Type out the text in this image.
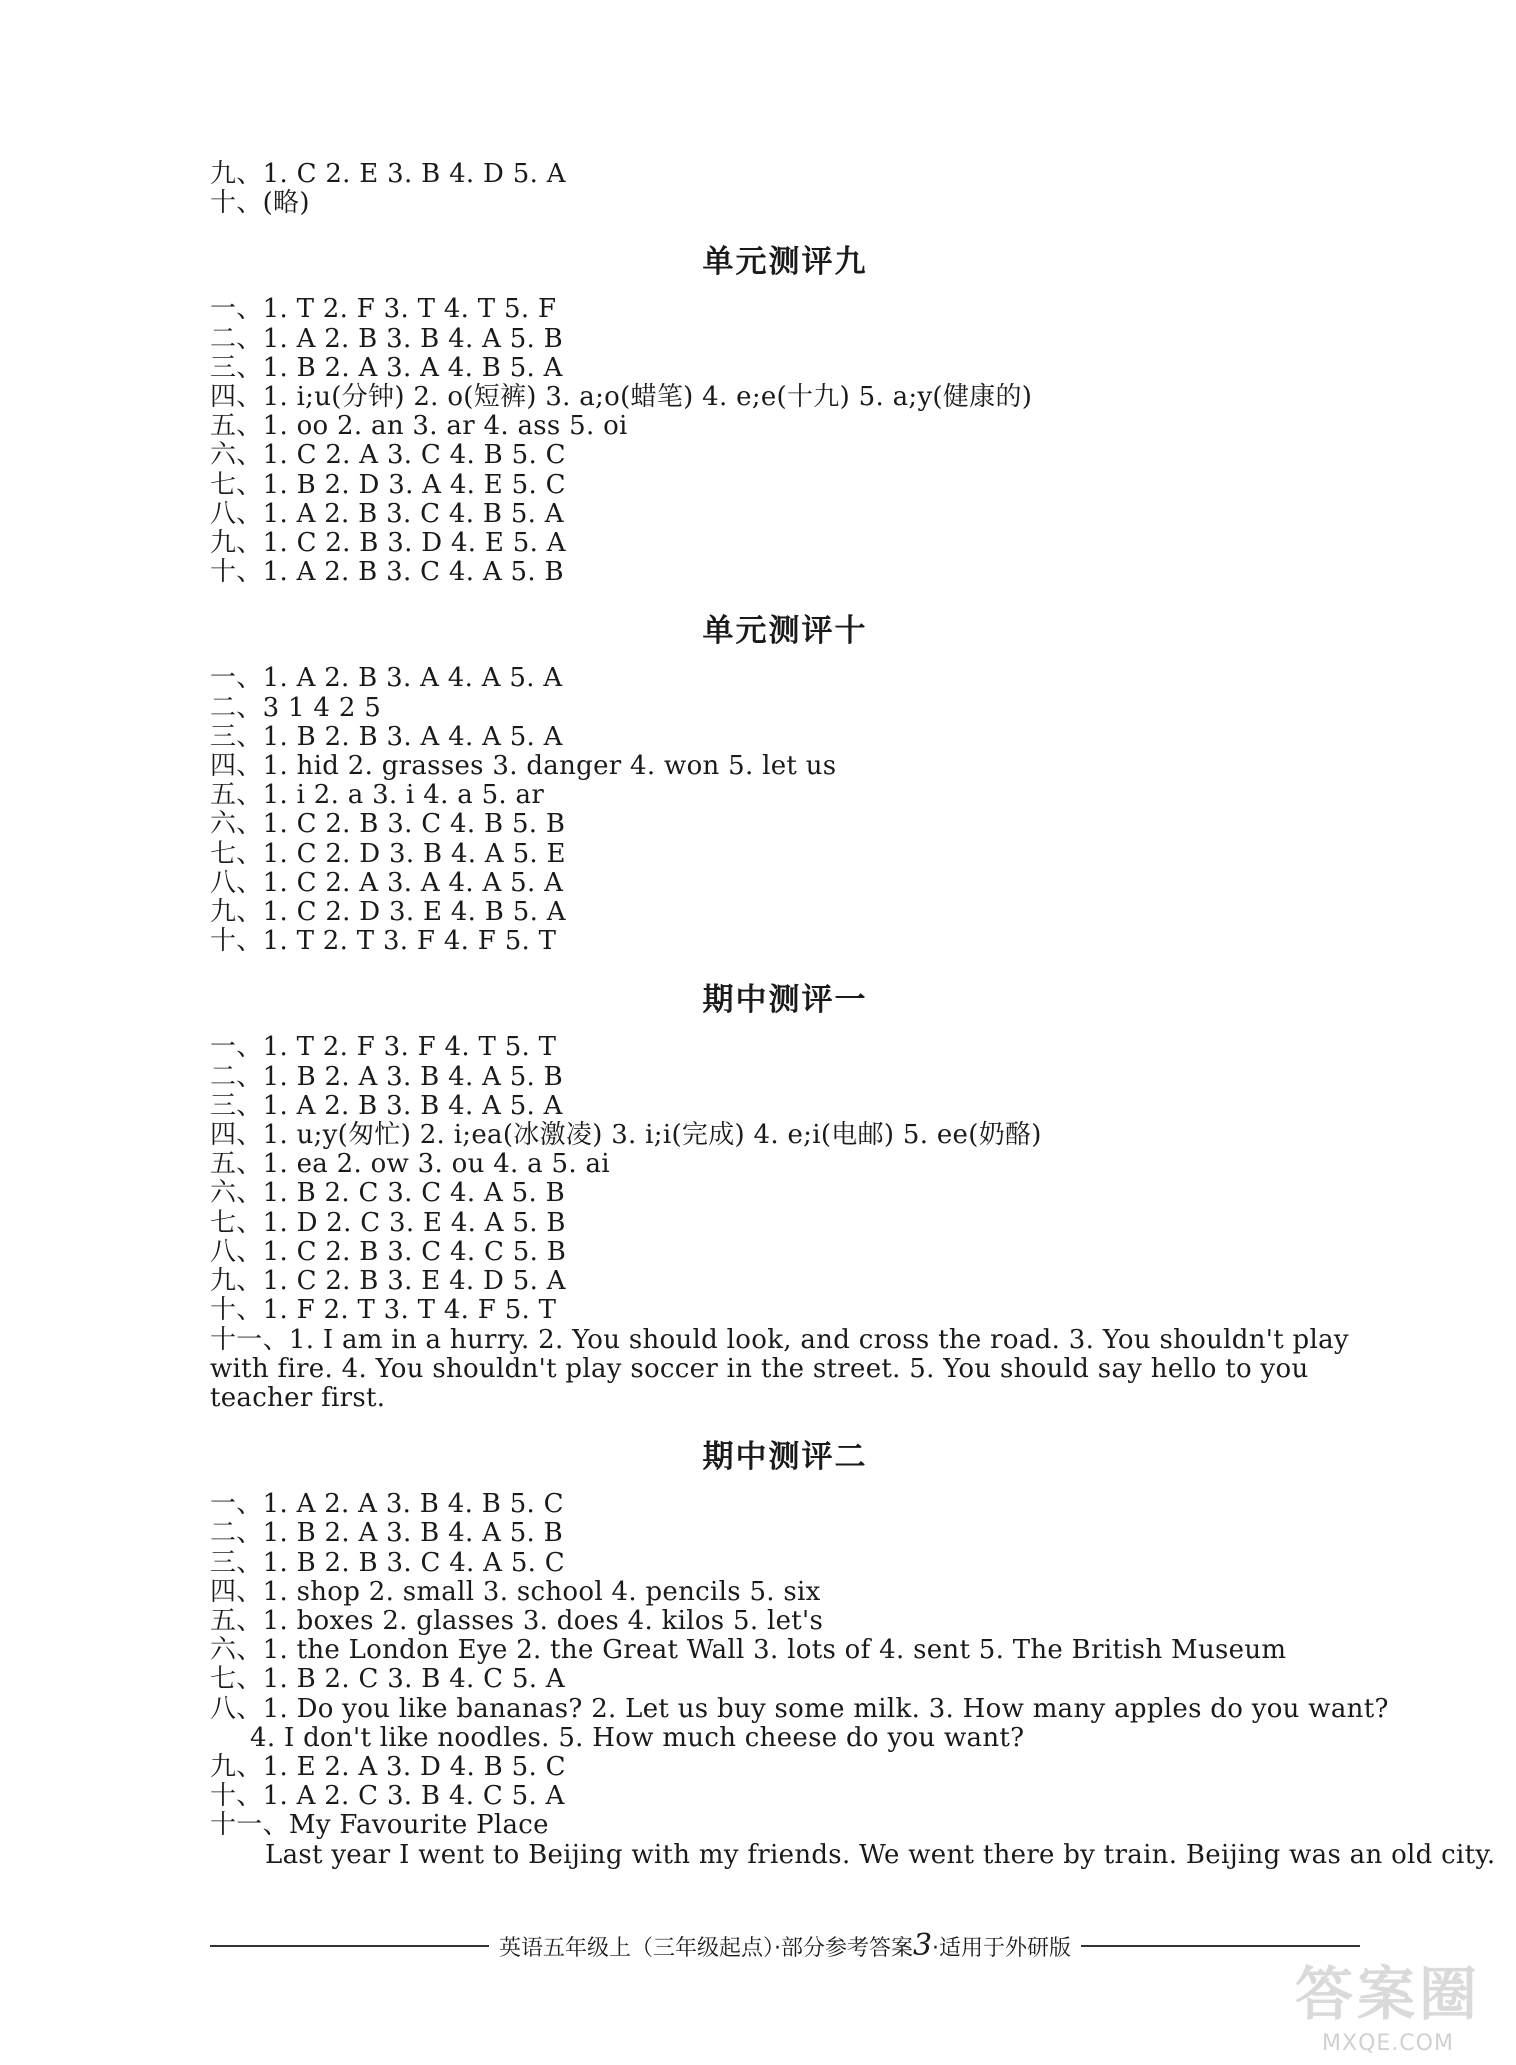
九、1. C 2. E 3. B 4. D 5. A
十、(略)
单元测评九
一、1. T 2. F 3. T 4. T 5. F
二、1. A 2. B 3. B 4. A 5. B
三、1. B 2. A 3. A 4. B 5. A
四、1. i;u(分钟) 2. o(短裤) 3. a;o(蜡笔) 4. e;e(十九) 5. a;y(健康的)
五、1. oo 2. an 3. ar 4. ass 5. oi
六、1. C 2. A 3. C 4. B 5. C
七、1. B 2. D 3. A 4. E 5. C
八、1. A 2. B 3. C 4. B 5. A
九、1. C 2. B 3. D 4. E 5. A
十、1. A 2. B 3. C 4. A 5. B
单元测评十
一、1. A 2. B 3. A 4. A 5. A
二、3 1 4 2 5
三、1. B 2. B 3. A 4. A 5. A
四、1. hid 2. grasses 3. danger 4. won 5. let us
五、1. i 2. a 3. i 4. a 5. ar
六、1. C 2. B 3. C 4. B 5. B
七、1. C 2. D 3. B 4. A 5. E
八、1. C 2. A 3. A 4. A 5. A
九、1. C 2. D 3. E 4. B 5. A
十、1. T 2. T 3. F 4. F 5. T
期中测评一
一、1. T 2. F 3. F 4. T 5. T
二、1. B 2. A 3. B 4. A 5. B
三、1. A 2. B 3. B 4. A 5. A
四、1. u;y(匆忙) 2. i;ea(冰激凌) 3. i;i(完成) 4. e;i(电邮) 5. ee(奶酪)
五、1. ea 2. ow 3. ou 4. a 5. ai
六、1. B 2. C 3. C 4. A 5. B
七、1. D 2. C 3. E 4. A 5. B
八、1. C 2. B 3. C 4. C 5. B
九、1. C 2. B 3. E 4. D 5. A
十、1. F 2. T 3. T 4. F 5. T
十一、1. I am in a hurry. 2. You should look, and cross the road. 3. You shouldn't play with fire. 4. You shouldn't play soccer in the street. 5. You should say hello to you teacher first.
期中测评二
一、1. A 2. A 3. B 4. B 5. C
二、1. B 2. A 3. B 4. A 5. B
三、1. B 2. B 3. C 4. A 5. C
四、1. shop 2. small 3. school 4. pencils 5. six
五、1. boxes 2. glasses 3. does 4. kilos 5. let's
六、1. the London Eye 2. the Great Wall 3. lots of 4. sent 5. The British Museum
七、1. B 2. C 3. B 4. C 5. A
八、1. Do you like bananas? 2. Let us buy some milk. 3. How many apples do you want?
4. I don't like noodles. 5. How much cheese do you want?
九、1. E 2. A 3. D 4. B 5. C
十、1. A 2. C 3. B 4. C 5. A
十一、My Favourite Place
Last year I went to Beijing with my friends. We went there by train. Beijing was an old city.
英语五年级上（三年级起点）·部分参考答案3·适用于外研版
答案圈
MXQE.COM
